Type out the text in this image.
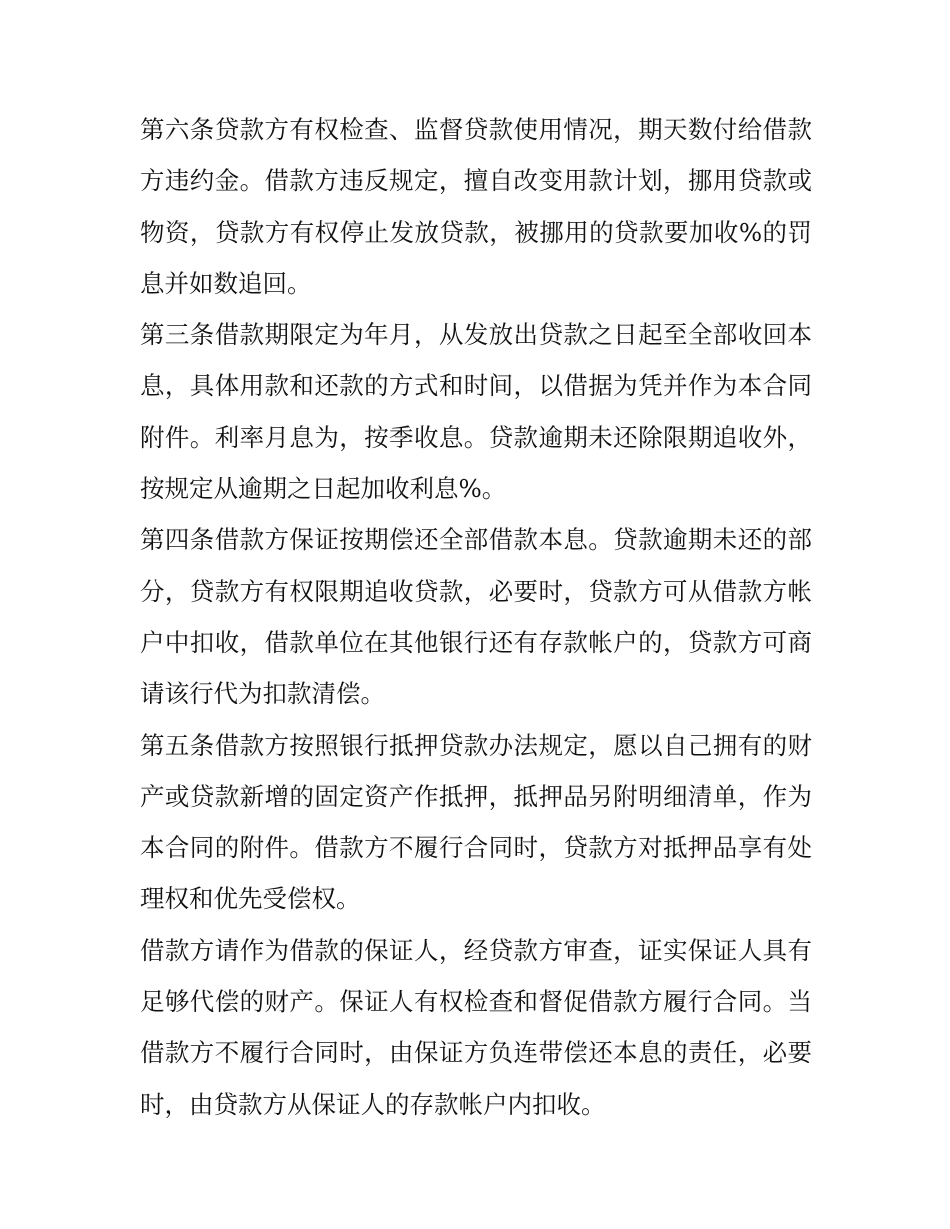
第六条贷款方有权检查、监督贷款使用情况，期天数付给借款方违约金。借款方违反规定，擅自改变用款计划，挪用贷款或物资，贷款方有权停止发放贷款，被挪用的贷款要加收%的罚息并如数追回。

第三条借款期限定为年月，从发放出贷款之日起至全部收回本息，具体用款和还款的方式和时间，以借据为凭并作为本合同附件。利率月息为，按季收息。贷款逾期未还除限期追收外，按规定从逾期之日起加收利息%。

第四条借款方保证按期偿还全部借款本息。贷款逾期未还的部分，贷款方有权限期追收贷款，必要时，贷款方可从借款方帐户中扣收，借款单位在其他银行还有存款帐户的，贷款方可商请该行代为扣款清偿。

第五条借款方按照银行抵押贷款办法规定，愿以自己拥有的财产或贷款新增的固定资产作抵押，抵押品另附明细清单，作为本合同的附件。借款方不履行合同时，贷款方对抵押品享有处理权和优先受偿权。

借款方请作为借款的保证人，经贷款方审查，证实保证人具有足够代偿的财产。保证人有权检查和督促借款方履行合同。当借款方不履行合同时，由保证方负连带偿还本息的责任，必要时，由贷款方从保证人的存款帐户内扣收。
